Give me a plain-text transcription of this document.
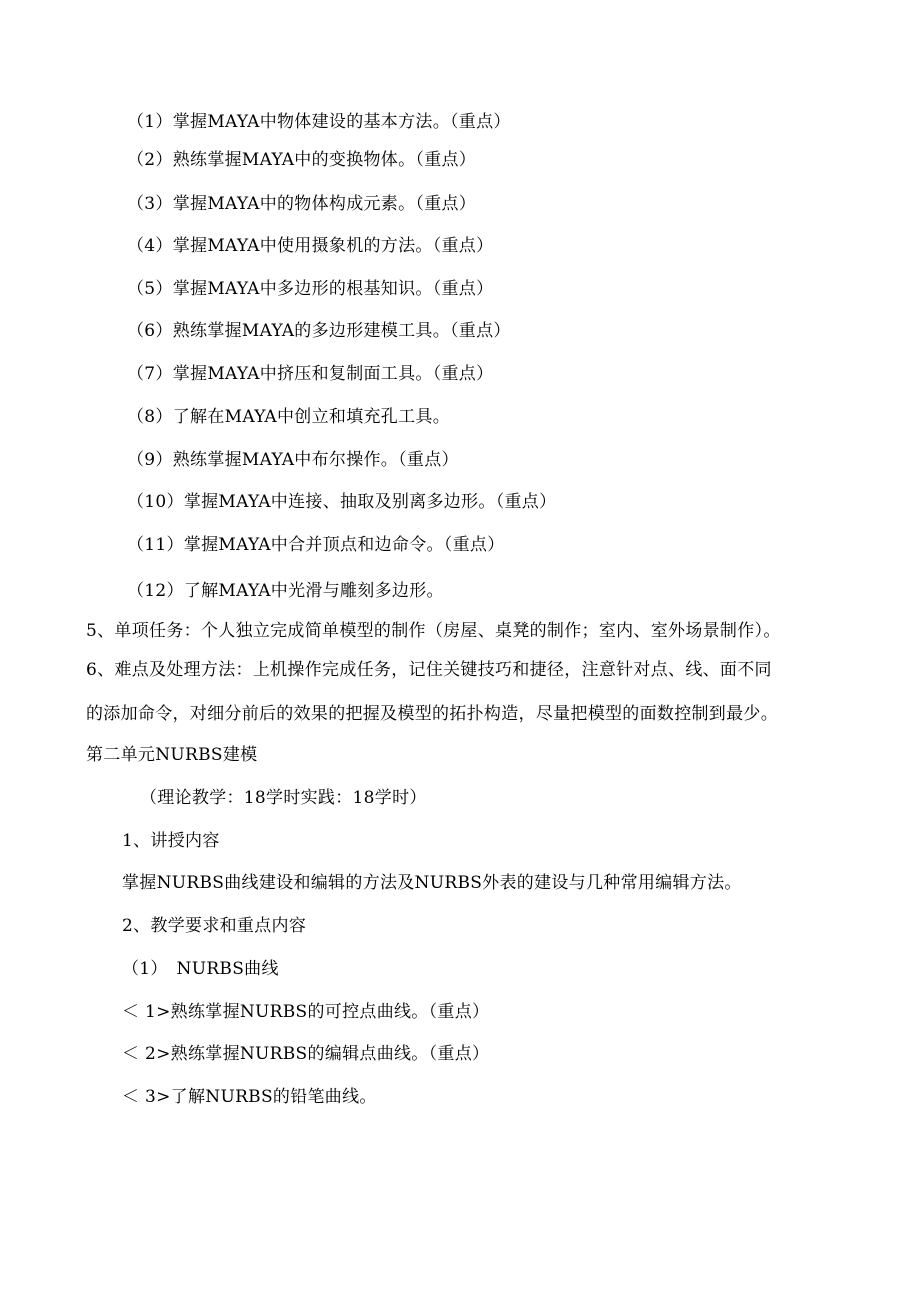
（1）掌握MAYA中物体建设的基本方法。（重点）
（2）熟练掌握MAYA中的变换物体。（重点）
（3）掌握MAYA中的物体构成元素。（重点）
（4）掌握MAYA中使用摄象机的方法。（重点）
（5）掌握MAYA中多边形的根基知识。（重点）
（6）熟练掌握MAYA的多边形建模工具。（重点）
（7）掌握MAYA中挤压和复制面工具。（重点）
（8）了解在MAYA中创立和填充孔工具。
（9）熟练掌握MAYA中布尔操作。（重点）
（10）掌握MAYA中连接、抽取及别离多边形。（重点）
（11）掌握MAYA中合并顶点和边命令。（重点）
（12）了解MAYA中光滑与雕刻多边形。
5、单项任务：个人独立完成简单模型的制作（房屋、桌凳的制作；室内、室外场景制作）。
6、难点及处理方法：上机操作完成任务，记住关键技巧和捷径，注意针对点、线、面不同
的添加命令，对细分前后的效果的把握及模型的拓扑构造，尽量把模型的面数控制到最少。
第二单元NURBS建模
（理论教学：18学时实践：18学时）
1、讲授内容
掌握NURBS曲线建设和编辑的方法及NURBS外表的建设与几种常用编辑方法。
2、教学要求和重点内容
（1）　NURBS曲线
＜ 1>熟练掌握NURBS的可控点曲线。（重点）
＜ 2>熟练掌握NURBS的编辑点曲线。（重点）
＜ 3>了解NURBS的铅笔曲线。
